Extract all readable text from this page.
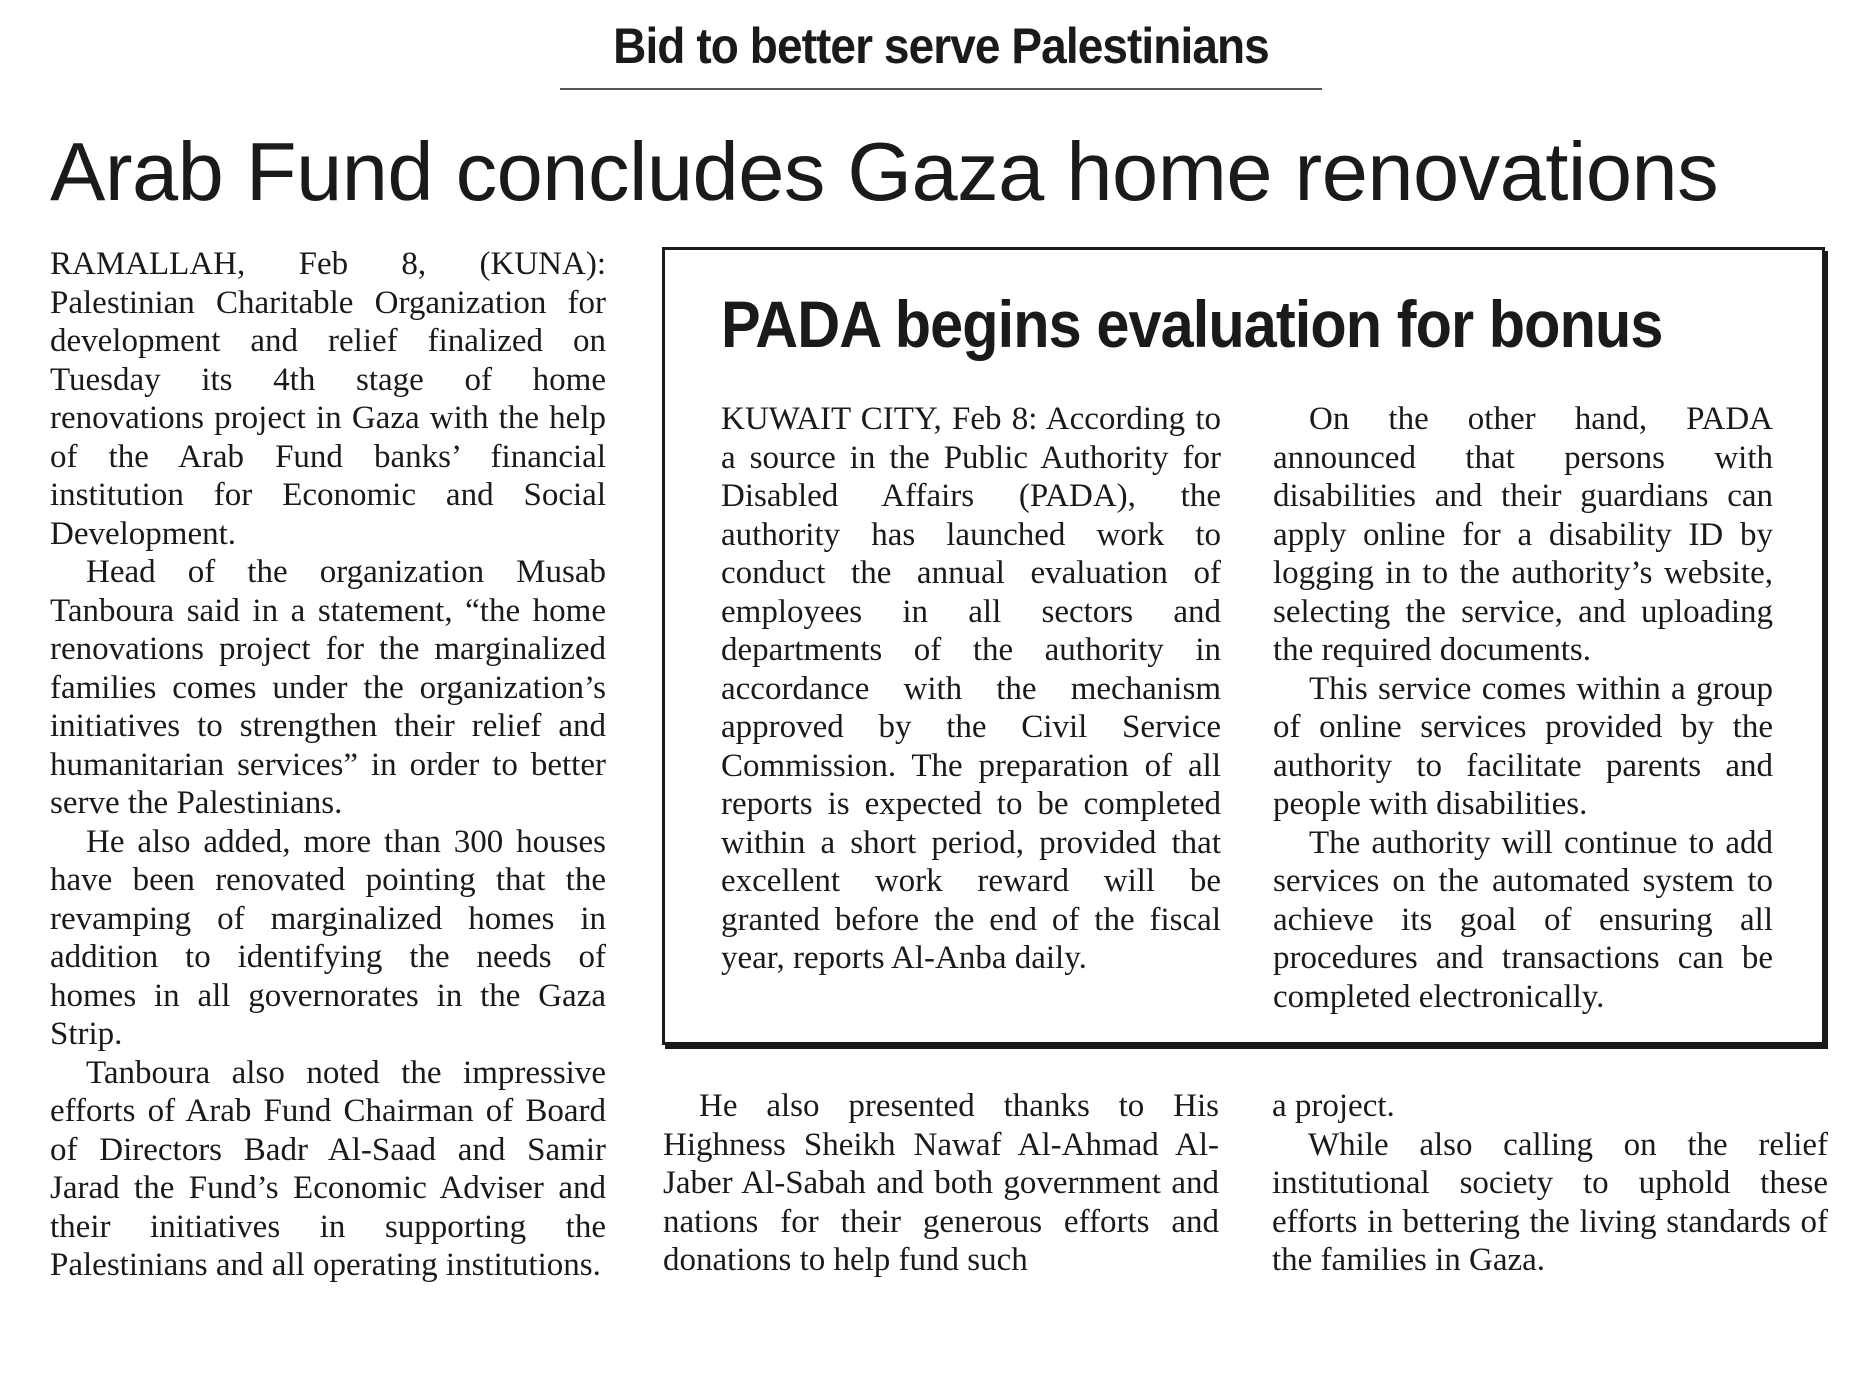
Bid to better serve Palestinians
Arab Fund concludes Gaza home renovations

RAMALLAH, Feb 8, (KUNA): Palestinian Charitable Organization for development and relief finalized on Tuesday its 4th stage of home renovations project in Gaza with the help of the Arab Fund banks’ financial institution for Economic and Social Development.

Head of the organization Musab Tanboura said in a statement, “the home renovations project for the marginalized families comes under the organization’s initiatives to strengthen their relief and humanitarian services” in order to better serve the Palestinians.

He also added, more than 300 houses have been renovated pointing that the revamping of marginalized homes in addition to identifying the needs of homes in all governorates in the Gaza Strip.

Tanboura also noted the impressive efforts of Arab Fund Chairman of Board of Directors Badr Al-Saad and Samir Jarad the Fund’s Economic Adviser and their initiatives in supporting the Palestinians and all operating institutions.

PADA begins evaluation for bonus

KUWAIT CITY, Feb 8: According to a source in the Public Authority for Disabled Affairs (PADA), the authority has launched work to conduct the annual evaluation of employees in all sectors and departments of the authority in accordance with the mechanism approved by the Civil Service Commission. The preparation of all reports is expected to be completed within a short period, provided that excellent work reward will be granted before the end of the fiscal year, reports Al-Anba daily.

On the other hand, PADA announced that persons with disabilities and their guardians can apply online for a disability ID by logging in to the authority’s website, selecting the service, and uploading the required documents.

This service comes within a group of online services provided by the authority to facilitate parents and people with disabilities.

The authority will continue to add services on the automated system to achieve its goal of ensuring all procedures and transactions can be completed electronically.

He also presented thanks to His Highness Sheikh Nawaf Al-Ahmad Al-Jaber Al-Sabah and both government and nations for their generous efforts and donations to help fund such

a project.

While also calling on the relief institutional society to uphold these efforts in bettering the living standards of the families in Gaza.
